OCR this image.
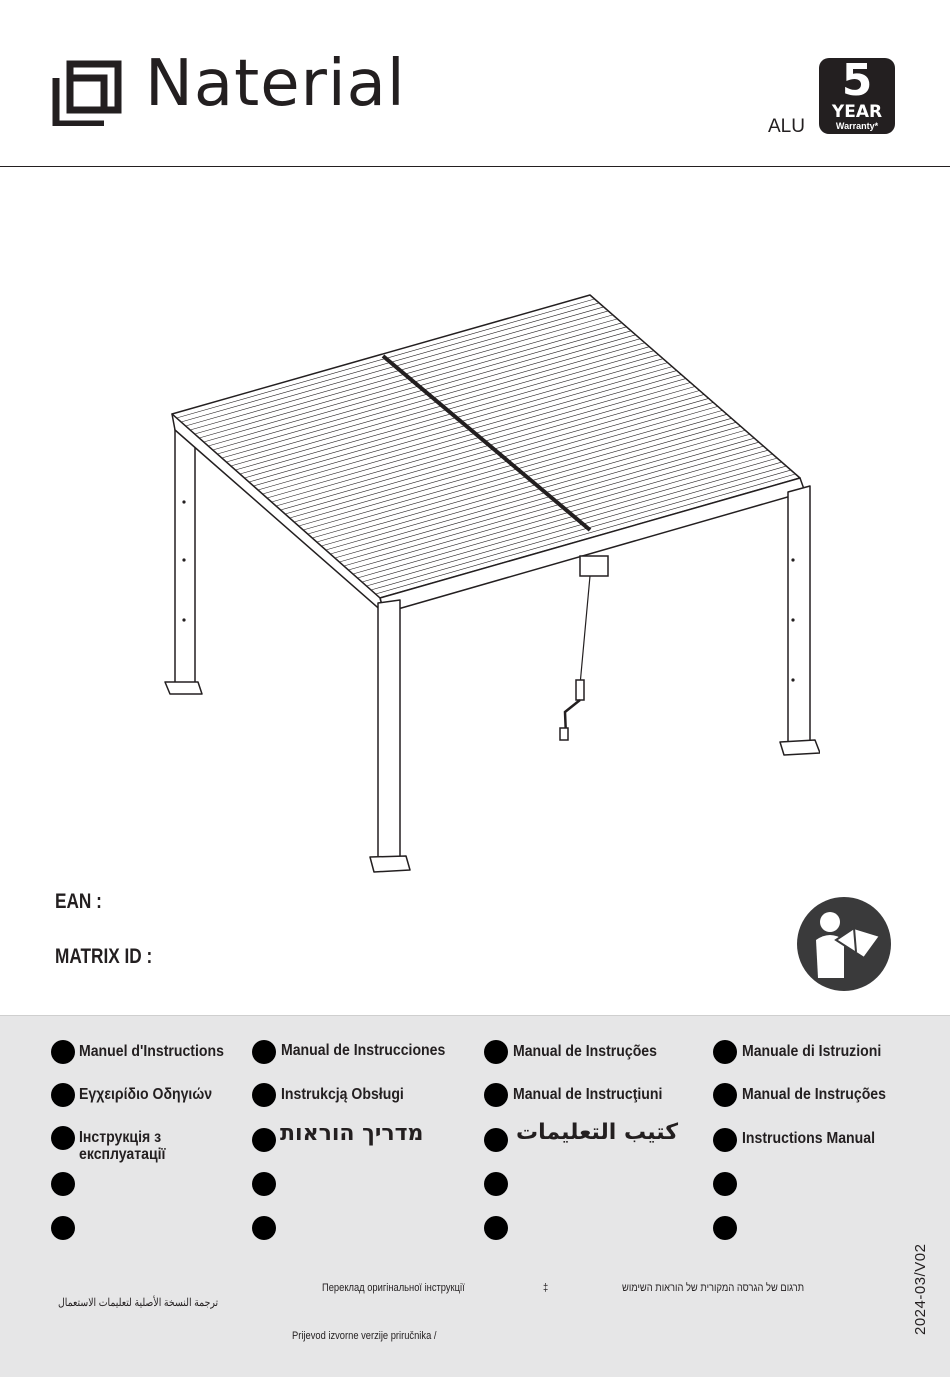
Naterial
ALU
5
YEAR
Warranty*
EAN :
MATRIX ID :
Manuel d'Instructions	Manual de Instrucciones	Manual de Instruções	Manuale di Istruzioni
Εγχειρίδιο Οδηγιών	Instrukcją Obsługi	Manual de Instrucţiuni	Manual de Instruções
Інструкція з
експлуатації
מדריך הוראות	كتيب التعليمات	Instructions Manual
ترجمة النسخة الأصلية لتعليمات الاستعمال
Переклад оригінальної інструкції	‡	תרגום של הגרסה המקורית של הוראות השימוש
Prijevod izvorne verzije priručnika /
2024-03/V02
